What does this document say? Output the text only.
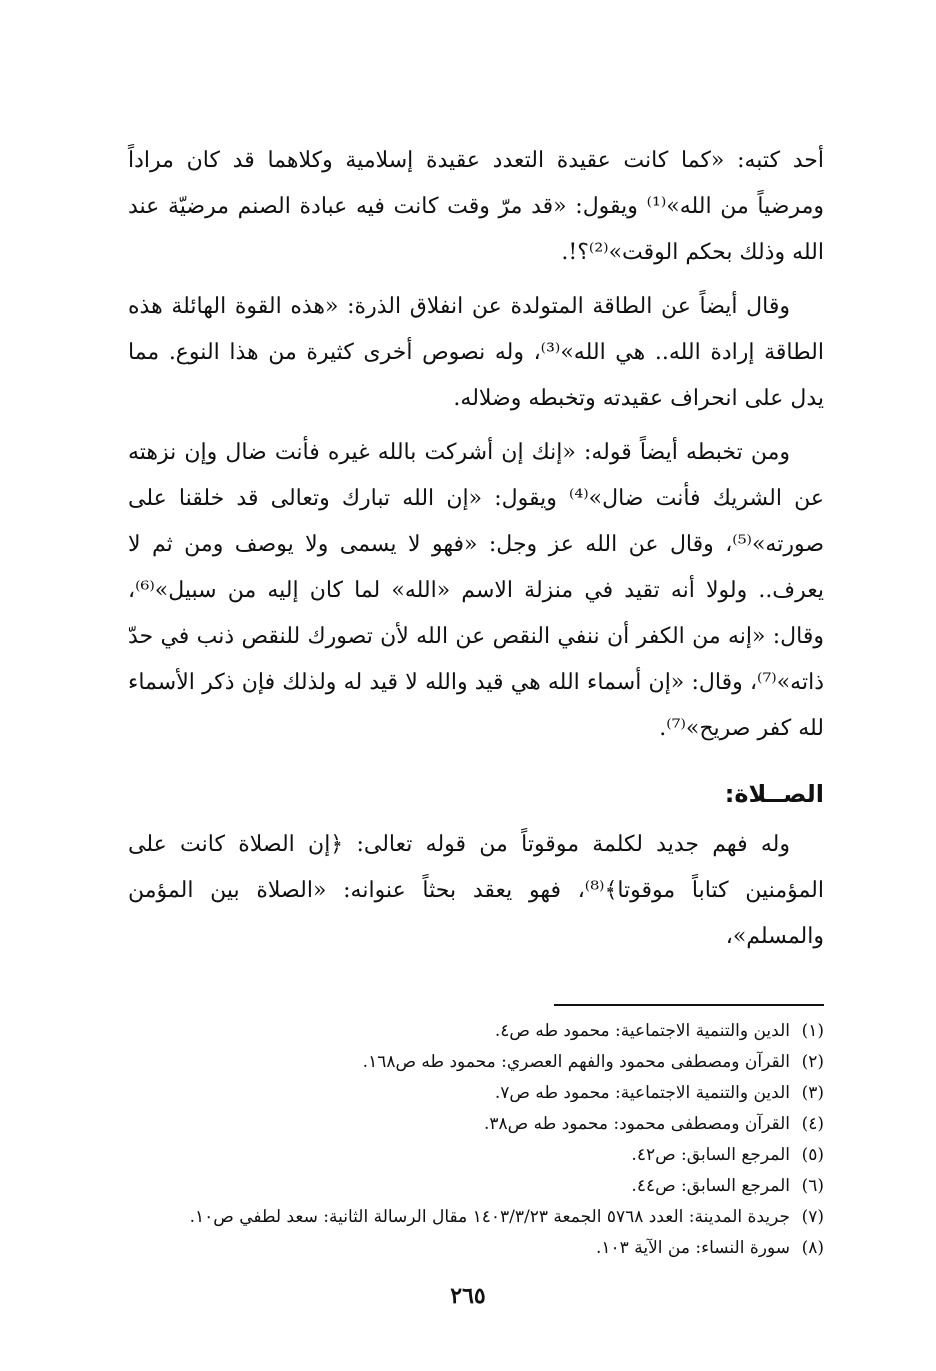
أحد كتبه: «كما كانت عقيدة التعدد عقيدة إسلامية وكلاهما قد كان مراداً ومرضياً من الله»⁽¹⁾ ويقول: «قد مرّ وقت كانت فيه عبادة الصنم مرضيّة عند الله وذلك بحكم الوقت»⁽²⁾؟!.

وقال أيضاً عن الطاقة المتولدة عن انفلاق الذرة: «هذه القوة الهائلة هذه الطاقة إرادة الله.. هي الله»⁽³⁾، وله نصوص أخرى كثيرة من هذا النوع. مما يدل على انحراف عقيدته وتخبطه وضلاله.

ومن تخبطه أيضاً قوله: «إنك إن أشركت بالله غيره فأنت ضال وإن نزهته عن الشريك فأنت ضال»⁽⁴⁾ ويقول: «إن الله تبارك وتعالى قد خلقنا على صورته»⁽⁵⁾، وقال عن الله عز وجل: «فهو لا يسمى ولا يوصف ومن ثم لا يعرف.. ولولا أنه تقيد في منزلة الاسم «الله» لما كان إليه من سبيل»⁽⁶⁾، وقال: «إنه من الكفر أن ننفي النقص عن الله لأن تصورك للنقص ذنب في حدّ ذاته»⁽⁷⁾، وقال: «إن أسماء الله هي قيد والله لا قيد له ولذلك فإن ذكر الأسماء لله كفر صريح»⁽⁷⁾.

الصــلاة:

وله فهم جديد لكلمة موقوتاً من قوله تعالى: ﴿إن الصلاة كانت على المؤمنين كتاباً موقوتا﴾⁽⁸⁾، فهو يعقد بحثاً عنوانه: «الصلاة بين المؤمن والمسلم»،

(١)
الدين والتنمية الاجتماعية: محمود طه ص٤.
(٢)
القرآن ومصطفى محمود والفهم العصري: محمود طه ص١٦٨.
(٣)
الدين والتنمية الاجتماعية: محمود طه ص٧.
(٤)
القرآن ومصطفى محمود: محمود طه ص٣٨.
(٥)
المرجع السابق: ص٤٢.
(٦)
المرجع السابق: ص٤٤.
(٧)
جريدة المدينة: العدد ٥٧٦٨ الجمعة ١٤٠٣/٣/٢٣ مقال الرسالة الثانية: سعد لطفي ص١٠.
(٨)
سورة النساء: من الآية ١٠٣.
٢٦٥
